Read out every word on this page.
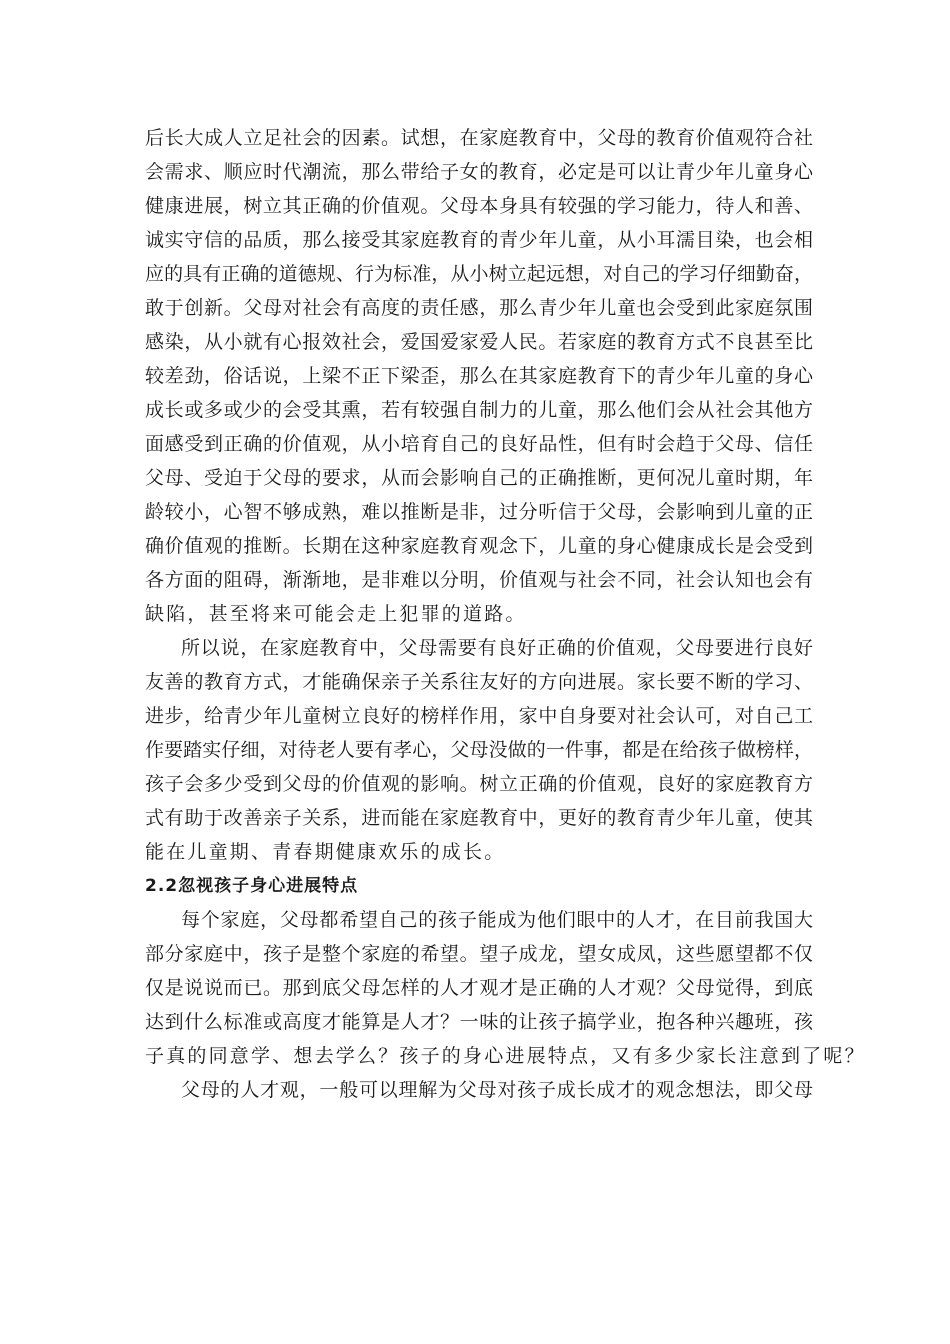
后长大成人立足社会的因素。试想，在家庭教育中，父母的教育价值观符合社
会需求、顺应时代潮流，那么带给子女的教育，必定是可以让青少年儿童身心
健康进展，树立其正确的价值观。父母本身具有较强的学习能力，待人和善、
诚实守信的品质，那么接受其家庭教育的青少年儿童，从小耳濡目染，也会相
应的具有正确的道德规、行为标准，从小树立起远想，对自己的学习仔细勤奋，
敢于创新。父母对社会有高度的责任感，那么青少年儿童也会受到此家庭氛围
感染，从小就有心报效社会，爱国爱家爱人民。若家庭的教育方式不良甚至比
较差劲，俗话说，上梁不正下梁歪，那么在其家庭教育下的青少年儿童的身心
成长或多或少的会受其熏，若有较强自制力的儿童，那么他们会从社会其他方
面感受到正确的价值观，从小培育自己的良好品性，但有时会趋于父母、信任
父母、受迫于父母的要求，从而会影响自己的正确推断，更何况儿童时期，年
龄较小，心智不够成熟，难以推断是非，过分听信于父母，会影响到儿童的正
确价值观的推断。长期在这种家庭教育观念下，儿童的身心健康成长是会受到
各方面的阻碍，渐渐地，是非难以分明，价值观与社会不同，社会认知也会有
缺陷，甚至将来可能会走上犯罪的道路。
所以说，在家庭教育中，父母需要有良好正确的价值观，父母要进行良好
友善的教育方式，才能确保亲子关系往友好的方向进展。家长要不断的学习、
进步，给青少年儿童树立良好的榜样作用，家中自身要对社会认可，对自己工
作要踏实仔细，对待老人要有孝心，父母没做的一件事，都是在给孩子做榜样，
孩子会多少受到父母的价值观的影响。树立正确的价值观，良好的家庭教育方
式有助于改善亲子关系，进而能在家庭教育中，更好的教育青少年儿童，使其
能在儿童期、青春期健康欢乐的成长。
2.2忽视孩子身心进展特点
每个家庭，父母都希望自己的孩子能成为他们眼中的人才，在目前我国大
部分家庭中，孩子是整个家庭的希望。望子成龙，望女成凤，这些愿望都不仅
仅是说说而已。那到底父母怎样的人才观才是正确的人才观？父母觉得，到底
达到什么标准或高度才能算是人才？一味的让孩子搞学业，抱各种兴趣班，孩
子真的同意学、想去学么？孩子的身心进展特点，又有多少家长注意到了呢？
父母的人才观，一般可以理解为父母对孩子成长成才的观念想法，即父母
